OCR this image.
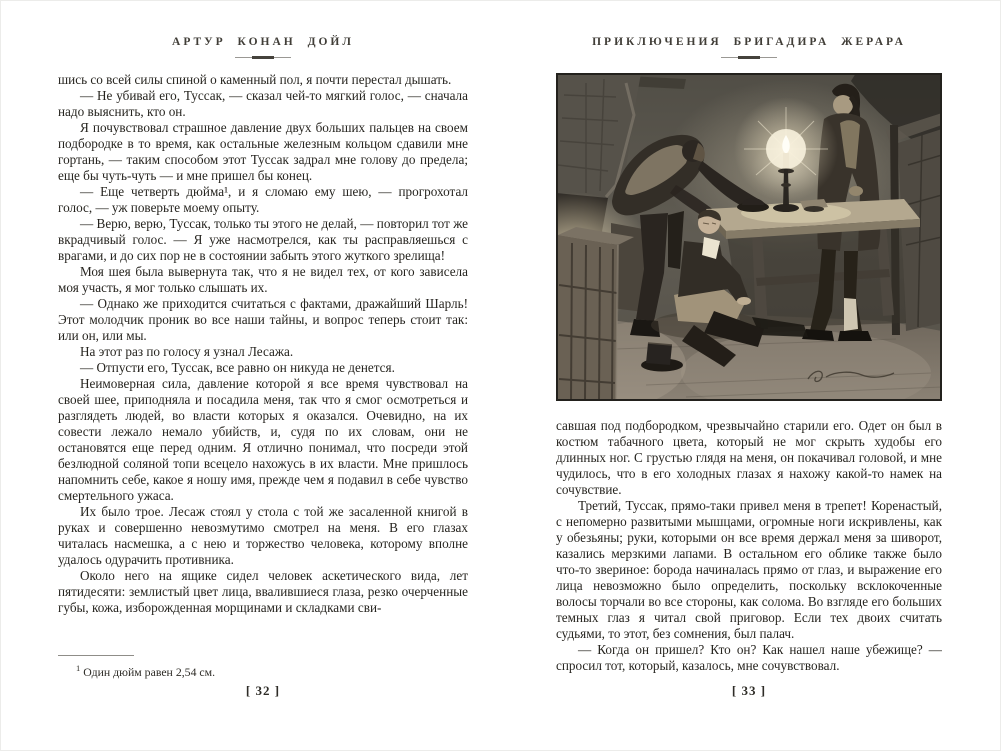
АРТУР КОНАН ДОЙЛ

шись со всей силы спиной о каменный пол, я почти перестал дышать.

— Не убивай его, Туссак, — сказал чей-то мягкий голос, — сначала надо выяснить, кто он.

Я почувствовал страшное давление двух больших пальцев на своем подбородке в то время, как остальные железным кольцом сдавили мне гортань, — таким способом этот Туссак задрал мне голову до предела; еще бы чуть-чуть — и мне пришел бы конец.

— Еще четверть дюйма¹, и я сломаю ему шею, — прогрохотал голос, — уж поверьте моему опыту.

— Верю, верю, Туссак, только ты этого не делай, — повторил тот же вкрадчивый голос. — Я уже насмотрелся, как ты расправляешься с врагами, и до сих пор не в состоянии забыть этого жуткого зрелища!

Моя шея была вывернута так, что я не видел тех, от кого зависела моя участь, я мог только слышать их.

— Однако же приходится считаться с фактами, дражайший Шарль! Этот молодчик проник во все наши тайны, и вопрос теперь стоит так: или он, или мы.

На этот раз по голосу я узнал Лесажа.

— Отпусти его, Туссак, все равно он никуда не денется.

Неимоверная сила, давление которой я все время чувствовал на своей шее, приподняла и посадила меня, так что я смог осмотреться и разглядеть людей, во власти которых я оказался. Очевидно, на их совести лежало немало убийств, и, судя по их словам, они не остановятся еще перед одним. Я отлично понимал, что посреди этой безлюдной соляной топи всецело нахожусь в их власти. Мне пришлось напомнить себе, какое я ношу имя, прежде чем я подавил в себе чувство смертельного ужаса.

Их было трое. Лесаж стоял у стола с той же засаленной книгой в руках и совершенно невозмутимо смотрел на меня. В его глазах читалась насмешка, а с нею и торжество человека, которому вполне удалось одурачить противника.

Около него на ящике сидел человек аскетического вида, лет пятидесяти: землистый цвет лица, ввалившиеся глаза, резко очерченные губы, кожа, изборожденная морщинами и складками сви-

$^1$ Один дюйм равен 2,54 см.
[ 32 ]
ПРИКЛЮЧЕНИЯ БРИГАДИРА ЖЕРАРА

савшая под подбородком, чрезвычайно старили его. Одет он был в костюм табачного цвета, который не мог скрыть худобы его длинных ног. С грустью глядя на меня, он покачивал головой, и мне чудилось, что в его холодных глазах я нахожу какой-то намек на сочувствие.

Третий, Туссак, прямо-таки привел меня в трепет! Коренастый, с непомерно развитыми мышцами, огромные ноги искривлены, как у обезьяны; руки, которыми он все время держал меня за шиворот, казались мерзкими лапами. В остальном его облике также было что-то звериное: борода начиналась прямо от глаз, и выражение его лица невозможно было определить, поскольку всклокоченные волосы торчали во все стороны, как солома. Во взгляде его больших темных глаз я читал свой приговор. Если тех двоих считать судьями, то этот, без сомнения, был палач.

— Когда он пришел? Кто он? Как нашел наше убежище? — спросил тот, который, казалось, мне сочувствовал.

[ 33 ]
